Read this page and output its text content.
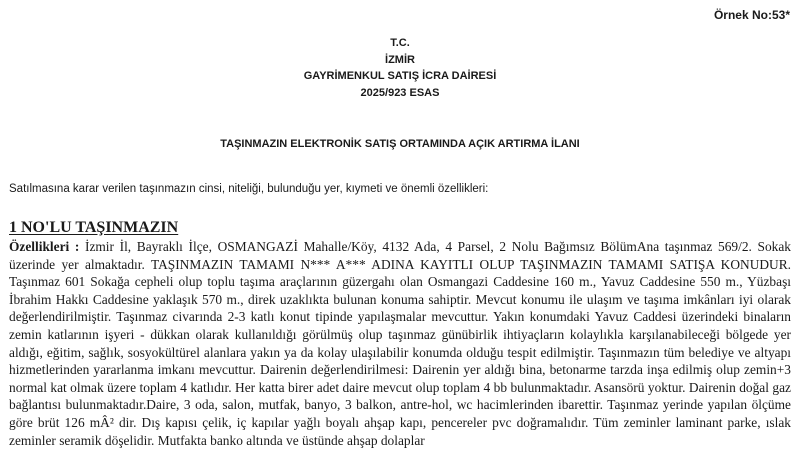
Örnek No:53*
T.C.
İZMİR
GAYRİMENKUL SATIŞ İCRA DAİRESİ
2025/923 ESAS
TAŞINMAZIN ELEKTRONİK SATIŞ ORTAMINDA AÇIK ARTIRMA İLANI
Satılmasına karar verilen taşınmazın cinsi, niteliği, bulunduğu yer, kıymeti ve önemli özellikleri:
1 NO'LU TAŞINMAZIN

Özellikleri : İzmir İl, Bayraklı İlçe, OSMANGAZİ Mahalle/Köy, 4132 Ada, 4 Parsel, 2 Nolu Bağımsız BölümAna taşınmaz 569/2. Sokak üzerinde yer almaktadır. TAŞINMAZIN TAMAMI N*** A*** ADINA KAYITLI OLUP TAŞINMAZIN TAMAMI SATIŞA KONUDUR. Taşınmaz 601 Sokağa cepheli olup toplu taşıma araçlarının güzergahı olan Osmangazi Caddesine 160 m., Yavuz Caddesine 550 m., Yüzbaşı İbrahim Hakkı Caddesine yaklaşık 570 m., direk uzaklıkta bulunan konuma sahiptir. Mevcut konumu ile ulaşım ve taşıma imkânları iyi olarak değerlendirilmiştir. Taşınmaz civarında 2-3 katlı konut tipinde yapılaşmalar mevcuttur. Yakın konumdaki Yavuz Caddesi üzerindeki binaların zemin katlarının işyeri - dükkan olarak kullanıldığı görülmüş olup taşınmaz günübirlik ihtiyaçların kolaylıkla karşılanabileceği bölgede yer aldığı, eğitim, sağlık, sosyokültürel alanlara yakın ya da kolay ulaşılabilir konumda olduğu tespit edilmiştir. Taşınmazın tüm belediye ve altyapı hizmetlerinden yararlanma imkanı mevcuttur. Dairenin değerlendirilmesi: Dairenin yer aldığı bina, betonarme tarzda inşa edilmiş olup zemin+3 normal kat olmak üzere toplam 4 katlıdır. Her katta birer adet daire mevcut olup toplam 4 bb bulunmaktadır. Asansörü yoktur. Dairenin doğal gaz bağlantısı bulunmaktadır.Daire, 3 oda, salon, mutfak, banyo, 3 balkon, antre-hol, wc hacimlerinden ibarettir. Taşınmaz yerinde yapılan ölçüme göre brüt 126 mÂ² dir. Dış kapısı çelik, iç kapılar yağlı boyalı ahşap kapı, pencereler pvc doğramalıdır. Tüm zeminler laminant parke, ıslak zeminler seramik döşelidir. Mutfakta banko altında ve üstünde ahşap dolaplar
